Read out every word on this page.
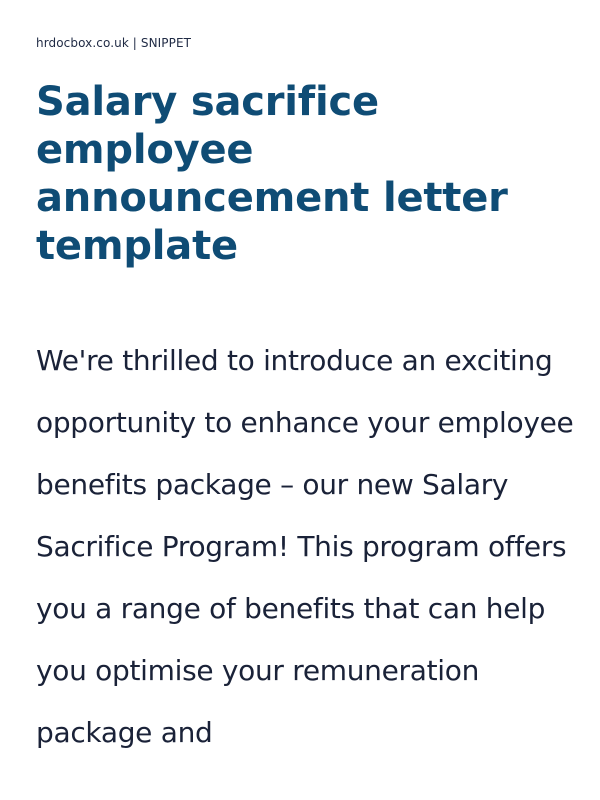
hrdocbox.co.uk | SNIPPET
Salary sacrifice employee announcement letter template

We're thrilled to introduce an exciting opportunity to enhance your employee benefits package – our new Salary Sacrifice Program! This program offers you a range of benefits that can help you optimise your remuneration package and
